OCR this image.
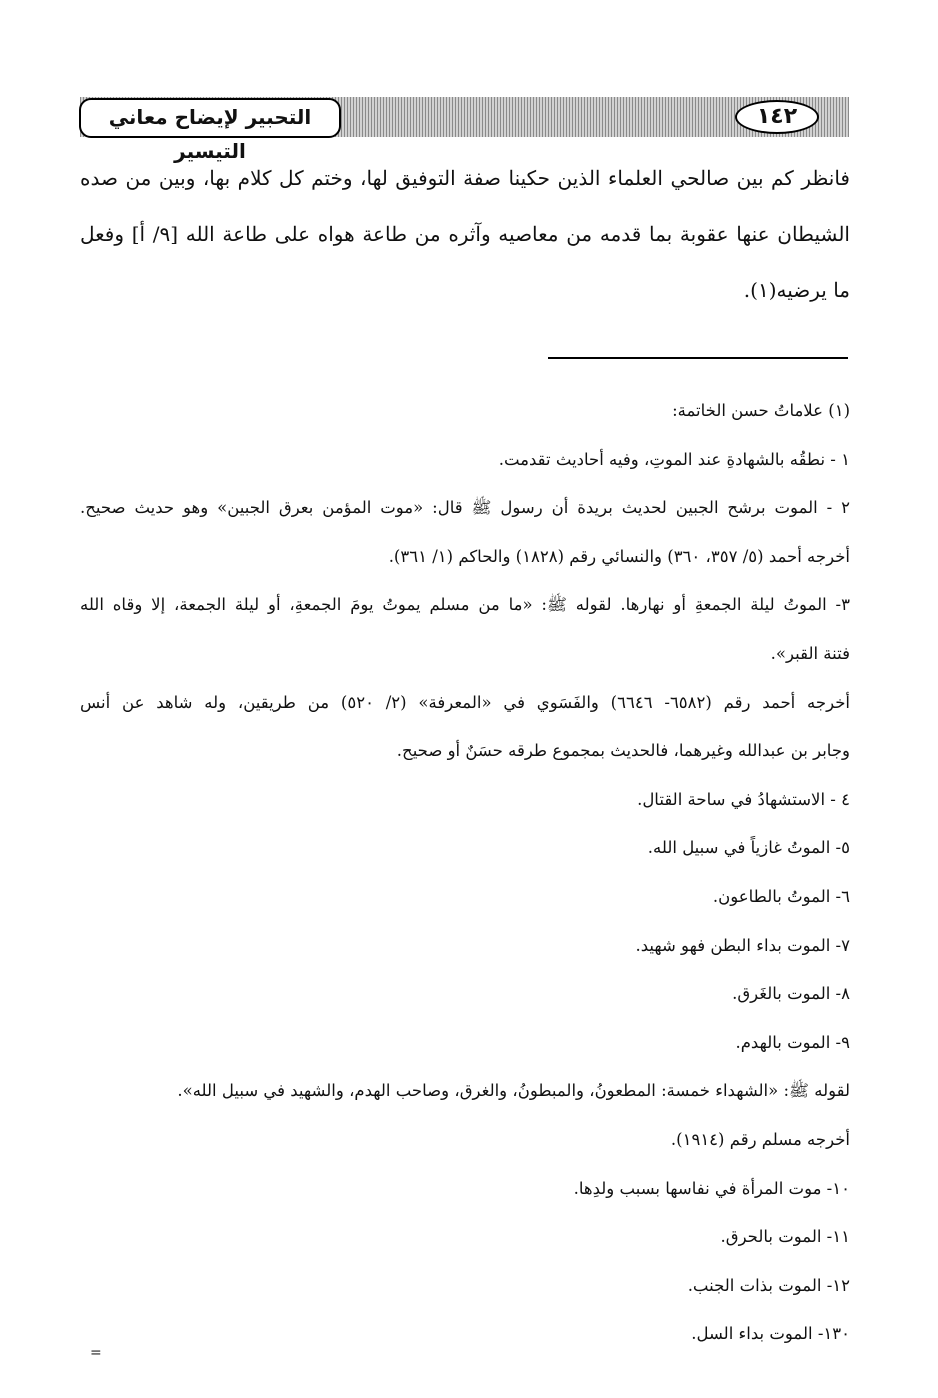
التحبير لإيضاح معاني التيسير
١٤٢
فانظر كم بين صالحي العلماء الذين حكينا صفة التوفيق لها، وختم كل كلام بها، وبين من صده الشيطان عنها عقوبة بما قدمه من معاصيه وآثره من طاعة هواه على طاعة الله [٩/ أ] وفعل ما يرضيه(١).

(١) علاماتُ حسن الخاتمة:

١ - نطقُه بالشهادةِ عند الموتِ، وفيه أحاديث تقدمت.

٢ - الموت برشح الجبين لحديث بريدة أن رسول ﷺ قال: «موت المؤمن بعرق الجبين» وهو حديث صحيح.

أخرجه أحمد (٥/ ٣٥٧، ٣٦٠) والنسائي رقم (١٨٢٨) والحاكم (١/ ٣٦١).

٣- الموتُ ليلة الجمعةِ أو نهارها. لقوله ﷺ: «ما من مسلم يموتُ يومَ الجمعةِ، أو ليلة الجمعة، إلا وقاه الله

فتنة القبر».

أخرجه أحمد رقم (٦٥٨٢- ٦٦٤٦) والفَسَوي في «المعرفة» (٢/ ٥٢٠) من طريقين، وله شاهد عن أنس

وجابر بن عبدالله وغيرهما، فالحديث بمجموع طرقه حسَنٌ أو صحيح.

٤ - الاستشهادُ في ساحة القتال.

٥- الموتُ غازياً في سبيل الله.

٦- الموتُ بالطاعون.

٧- الموت بداء البطن فهو شهيد.

٨- الموت بالغَرق.

٩- الموت بالهدم.

لقوله ﷺ: «الشهداء خمسة: المطعونُ، والمبطونُ، والغرق، وصاحب الهدم، والشهيد في سبيل الله».

أخرجه مسلم رقم (١٩١٤).

١٠- موت المرأة في نفاسها بسبب ولدِها.

١١- الموت بالحرق.

١٢- الموت بذات الجنب.

١٣٠- الموت بداء السل.

=
